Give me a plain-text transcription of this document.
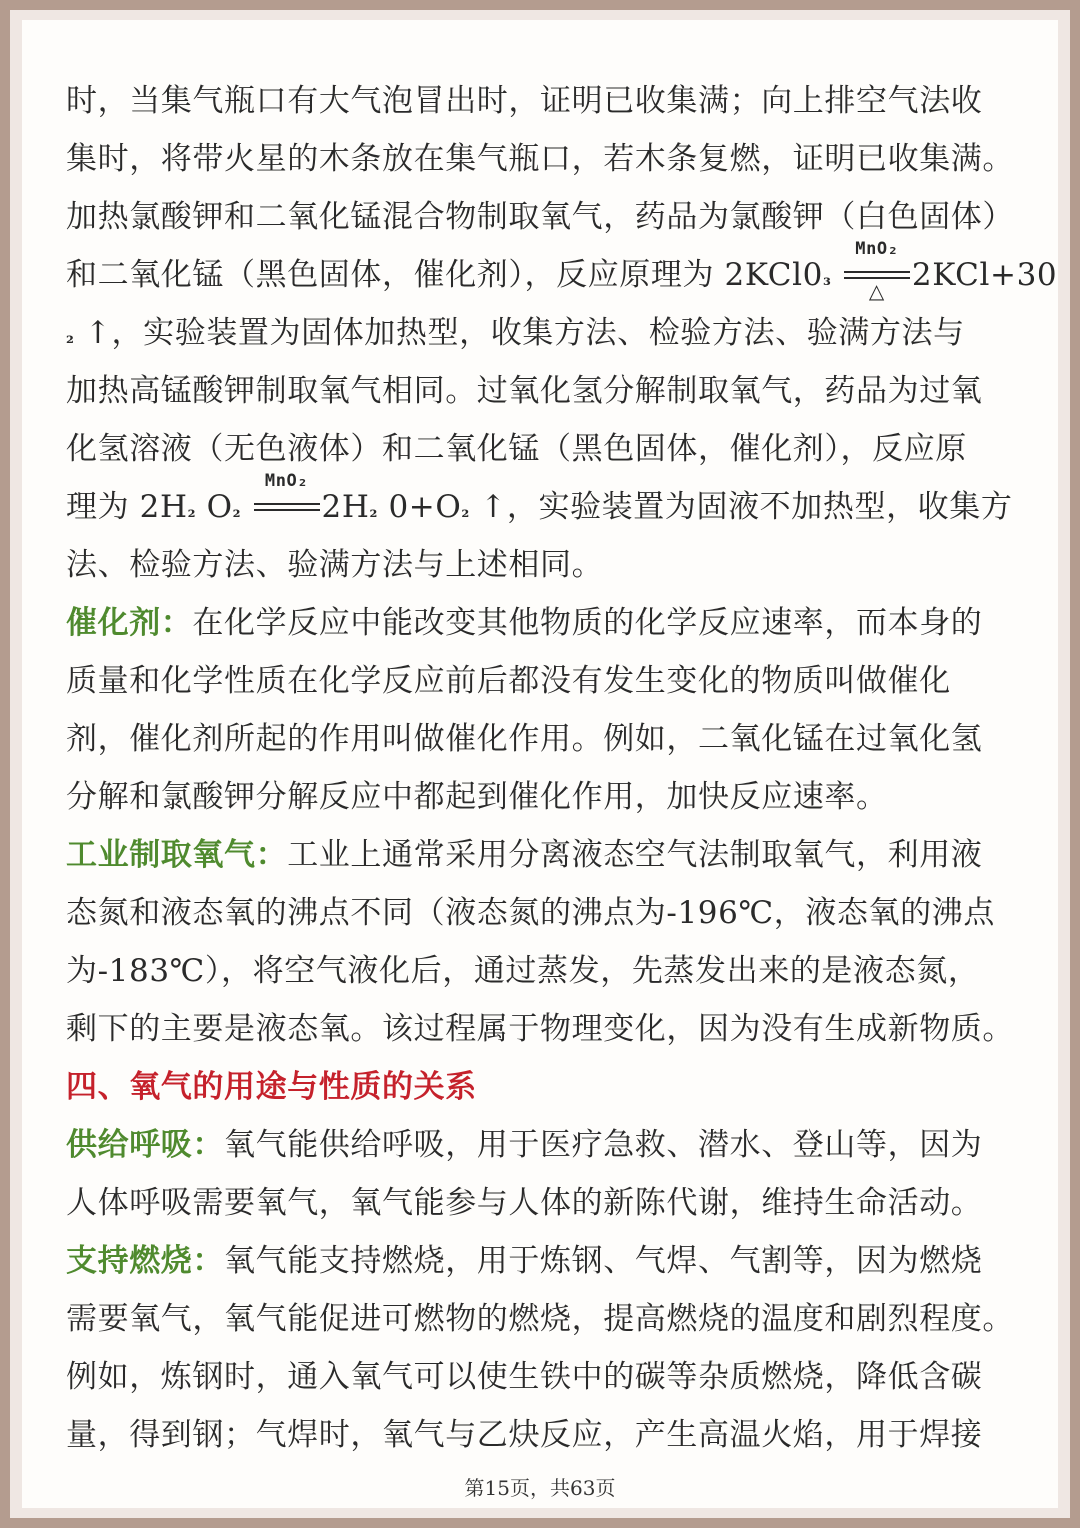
时，当集气瓶口有大气泡冒出时，证明已收集满；向上排空气法收
集时，将带火星的木条放在集气瓶口，若木条复燃，证明已收集满。
加热氯酸钾和二氧化锰混合物制取氧气，药品为氯酸钾（白色固体）
和二氧化锰（黑色固体，催化剂），反应原理为 2KCl0₃
MnO₂
△ 2KCl+30
₂ ↑，实验装置为固体加热型，收集方法、检验方法、验满方法与
加热高锰酸钾制取氧气相同。过氧化氢分解制取氧气，药品为过氧
化氢溶液（无色液体）和二氧化锰（黑色固体，催化剂），反应原
理为 2H₂ O₂
MnO₂
2H₂ 0+O₂ ↑，实验装置为固液不加热型，收集方
法、检验方法、验满方法与上述相同。
催化剂：在化学反应中能改变其他物质的化学反应速率，而本身的
质量和化学性质在化学反应前后都没有发生变化的物质叫做催化
剂，催化剂所起的作用叫做催化作用。例如，二氧化锰在过氧化氢
分解和氯酸钾分解反应中都起到催化作用，加快反应速率。
工业制取氧气：工业上通常采用分离液态空气法制取氧气，利用液
态氮和液态氧的沸点不同（液态氮的沸点为-196℃，液态氧的沸点
为-183℃），将空气液化后，通过蒸发，先蒸发出来的是液态氮，
剩下的主要是液态氧。该过程属于物理变化，因为没有生成新物质。
四、氧气的用途与性质的关系
供给呼吸：氧气能供给呼吸，用于医疗急救、潜水、登山等，因为
人体呼吸需要氧气，氧气能参与人体的新陈代谢，维持生命活动。
支持燃烧：氧气能支持燃烧，用于炼钢、气焊、气割等，因为燃烧
需要氧气，氧气能促进可燃物的燃烧，提高燃烧的温度和剧烈程度。
例如，炼钢时，通入氧气可以使生铁中的碳等杂质燃烧，降低含碳
量，得到钢；气焊时，氧气与乙炔反应，产生高温火焰，用于焊接
第15页，共63页
